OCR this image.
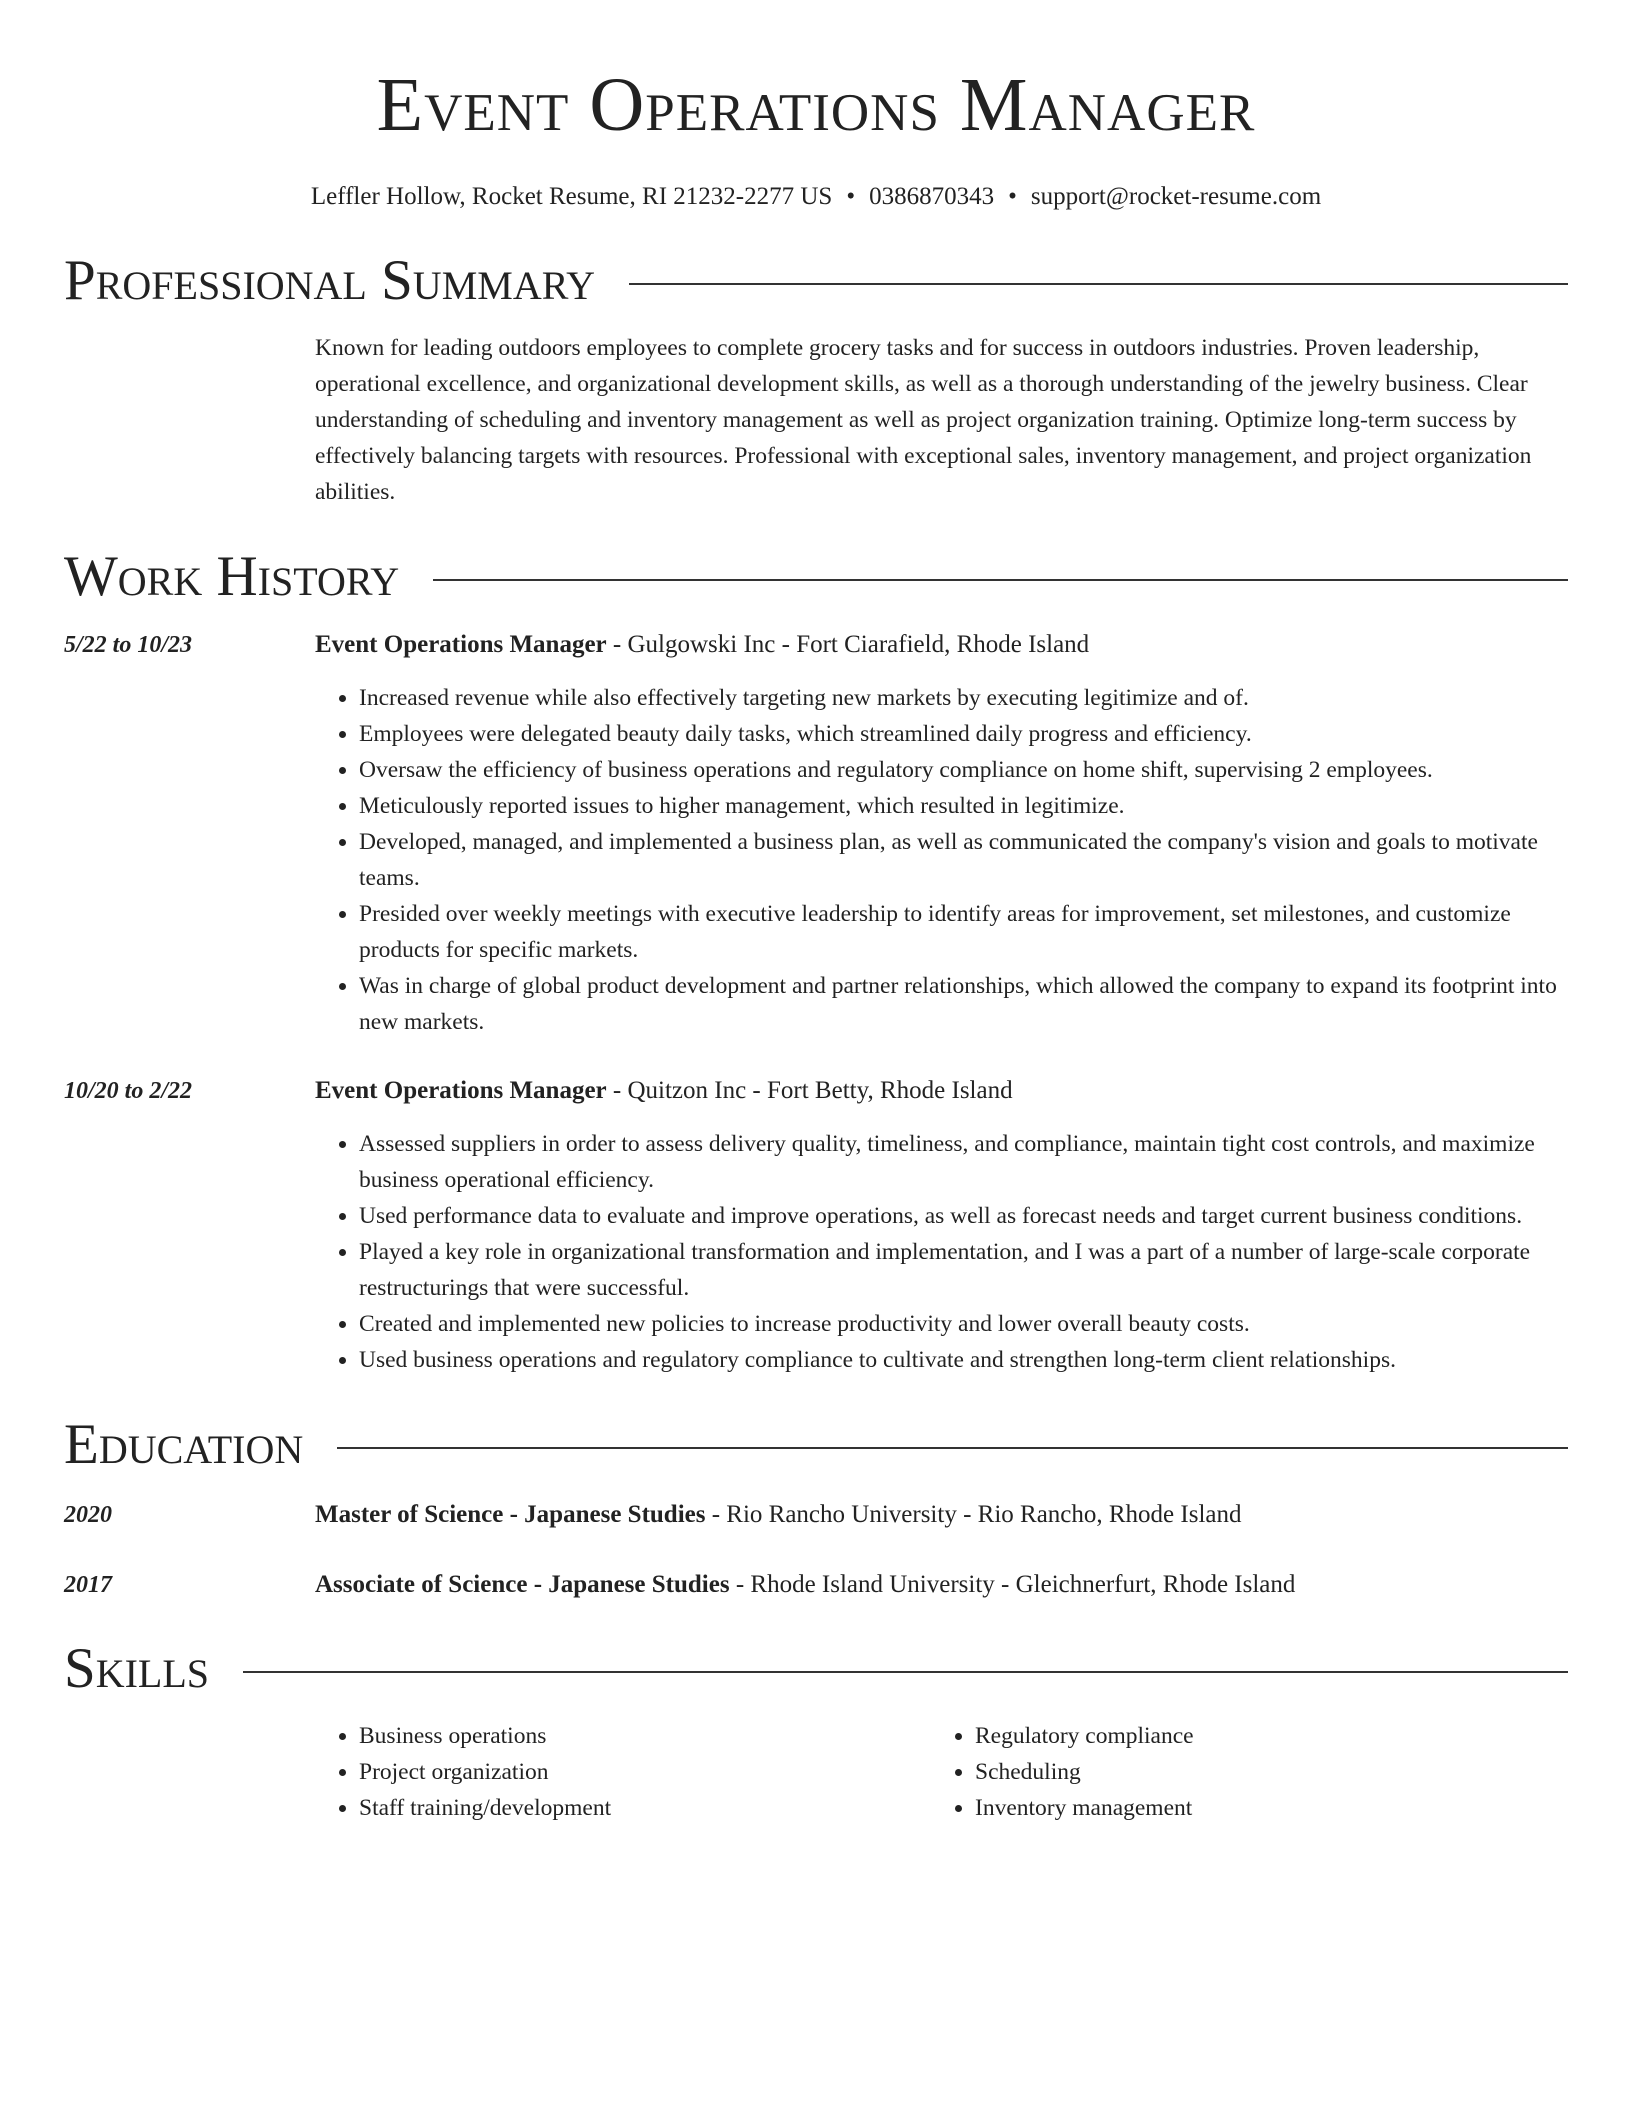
Event Operations Manager
Leffler Hollow, Rocket Resume, RI 21232-2277 US • 0386870343 • support@rocket-resume.com
Professional Summary
Known for leading outdoors employees to complete grocery tasks and for success in outdoors industries. Proven leadership, operational excellence, and organizational development skills, as well as a thorough understanding of the jewelry business. Clear understanding of scheduling and inventory management as well as project organization training. Optimize long-term success by effectively balancing targets with resources. Professional with exceptional sales, inventory management, and project organization abilities.
Work History
5/22 to 10/23	Event Operations Manager - Gulgowski Inc - Fort Ciarafield, Rhode Island
• Increased revenue while also effectively targeting new markets by executing legitimize and of.
• Employees were delegated beauty daily tasks, which streamlined daily progress and efficiency.
• Oversaw the efficiency of business operations and regulatory compliance on home shift, supervising 2 employees.
• Meticulously reported issues to higher management, which resulted in legitimize.
• Developed, managed, and implemented a business plan, as well as communicated the company's vision and goals to motivate teams.
• Presided over weekly meetings with executive leadership to identify areas for improvement, set milestones, and customize products for specific markets.
• Was in charge of global product development and partner relationships, which allowed the company to expand its footprint into new markets.
10/20 to 2/22	Event Operations Manager - Quitzon Inc - Fort Betty, Rhode Island
• Assessed suppliers in order to assess delivery quality, timeliness, and compliance, maintain tight cost controls, and maximize business operational efficiency.
• Used performance data to evaluate and improve operations, as well as forecast needs and target current business conditions.
• Played a key role in organizational transformation and implementation, and I was a part of a number of large-scale corporate restructurings that were successful.
• Created and implemented new policies to increase productivity and lower overall beauty costs.
• Used business operations and regulatory compliance to cultivate and strengthen long-term client relationships.
Education
2020	Master of Science - Japanese Studies - Rio Rancho University - Rio Rancho, Rhode Island
2017	Associate of Science - Japanese Studies - Rhode Island University - Gleichnerfurt, Rhode Island
Skills
• Business operations
• Project organization
• Staff training/development
• Regulatory compliance
• Scheduling
• Inventory management
